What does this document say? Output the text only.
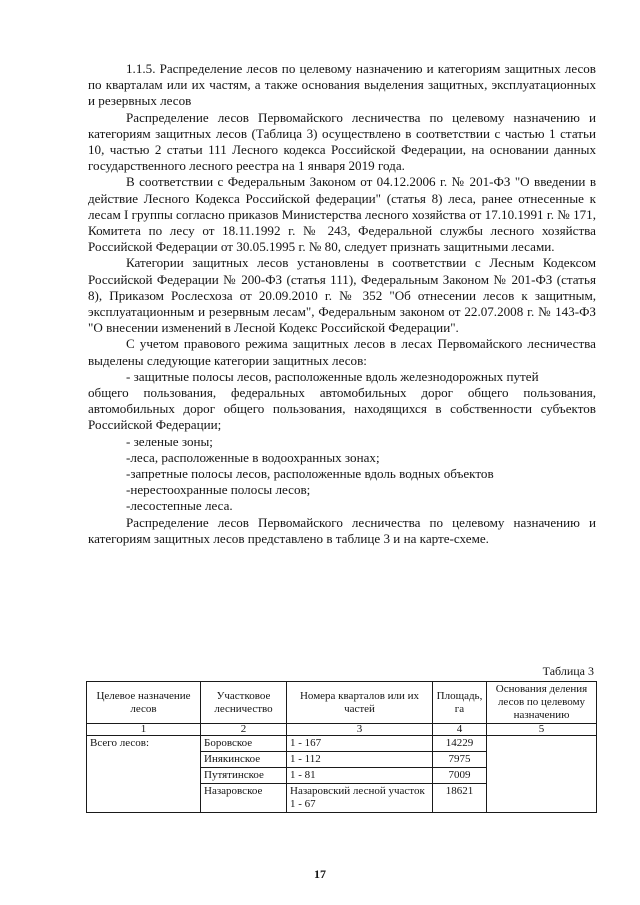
1.1.5. Распределение лесов по целевому назначению и категориям защитных лесов по кварталам или их частям, а также основания выделения защитных, эксплуатационных и резервных лесов

Распределение лесов Первомайского лесничества по целевому назначению и категориям защитных лесов (Таблица 3) осуществлено в соответствии с частью 1 статьи 10, частью 2 статьи 111 Лесного кодекса Российской Федерации, на основании данных государственного лесного реестра на 1 января 2019 года.

В соответствии с Федеральным Законом от 04.12.2006 г. № 201-ФЗ "О введении в действие Лесного Кодекса Российской федерации" (статья 8) леса, ранее отнесенные к лесам I группы согласно приказов Министерства лесного хозяйства от 17.10.1991 г. № 171, Комитета по лесу от 18.11.1992 г. № 243, Федеральной службы лесного хозяйства Российской Федерации от 30.05.1995 г. № 80, следует признать защитными лесами.

Категории защитных лесов установлены в соответствии с Лесным Кодексом Российской Федерации № 200-ФЗ (статья 111), Федеральным Законом № 201-ФЗ (статья 8), Приказом Рослесхоза от 20.09.2010 г. № 352 "Об отнесении лесов к защитным, эксплуатационным и резервным лесам", Федеральным законом от 22.07.2008 г. № 143-ФЗ "О внесении изменений в Лесной Кодекс Российской Федерации".

С учетом правового режима защитных лесов в лесах Первомайского лесничества выделены следующие категории защитных лесов:

- защитные полосы лесов, расположенные вдоль железнодорожных путей

общего пользования, федеральных автомобильных дорог общего пользования, автомобильных дорог общего пользования, находящихся в собственности субъектов Российской Федерации;

- зеленые зоны;

-леса, расположенные в водоохранных зонах;

-запретные полосы лесов, расположенные вдоль водных объектов

-нерестоохранные полосы лесов;

-лесостепные леса.

Распределение лесов Первомайского лесничества по целевому назначению и категориям защитных лесов представлено в таблице 3 и на карте-схеме.

Таблица 3
Целевое назначение лесов	Участковое лесничество	Номера кварталов или их частей	Площадь, га	Основания деления лесов по целевому назначению
1	2	3	4	5
Всего лесов:	Боровское	1 - 167	14229	
	Инякинское	1 - 112	7975	
	Путятинское	1 - 81	7009	
	Назаровское	Назаровский лесной участок 1 - 67	18621	
17
